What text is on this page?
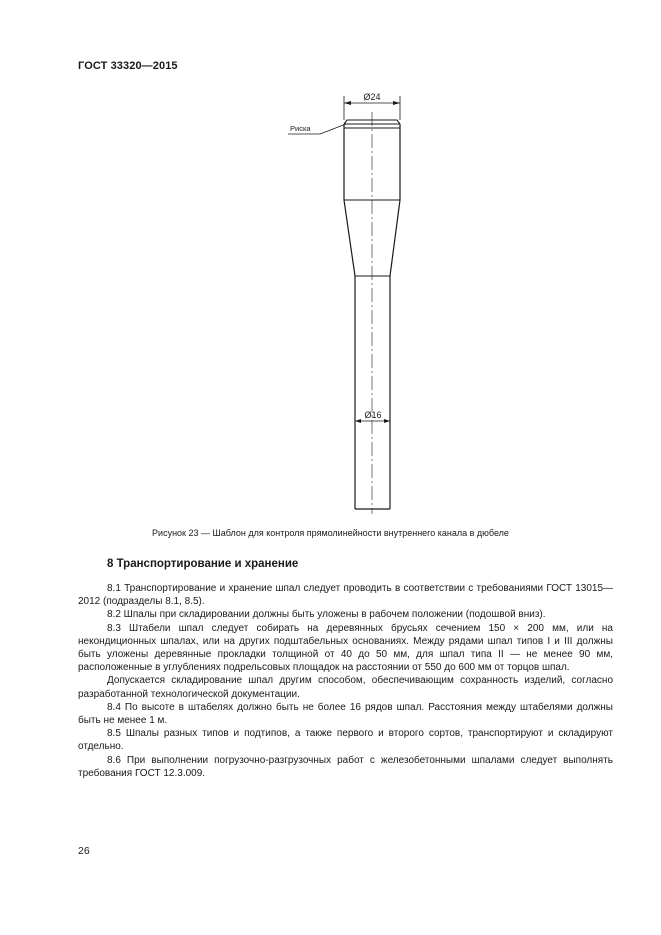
ГОСТ 33320—2015
Ø24
Ø16
Риска
Рисунок 23 — Шаблон для контроля прямолинейности внутреннего канала в дюбеле
8 Транспортирование и хранение

8.1 Транспортирование и хранение шпал следует проводить в соответствии с требованиями ГОСТ 13015—2012 (подразделы 8.1, 8.5).

8.2 Шпалы при складировании должны быть уложены в рабочем положении (подошвой вниз).

8.3 Штабели шпал следует собирать на деревянных брусьях сечением 150 × 200 мм, или на некондиционных шпалах, или на других подштабельных основаниях. Между рядами шпал типов I и III должны быть уложены деревянные прокладки толщиной от 40 до 50 мм, для шпал типа II — не менее 90 мм, расположенные в углублениях подрельсовых площадок на расстоянии от 550 до 600 мм от торцов шпал.

Допускается складирование шпал другим способом, обеспечивающим сохранность изделий, согласно разработанной технологической документации.

8.4 По высоте в штабелях должно быть не более 16 рядов шпал. Расстояния между штабелями должны быть не менее 1 м.

8.5 Шпалы разных типов и подтипов, а также первого и второго сортов, транспортируют и складируют отдельно.

8.6 При выполнении погрузочно-разгрузочных работ с железобетонными шпалами следует выполнять требования ГОСТ 12.3.009.

26
